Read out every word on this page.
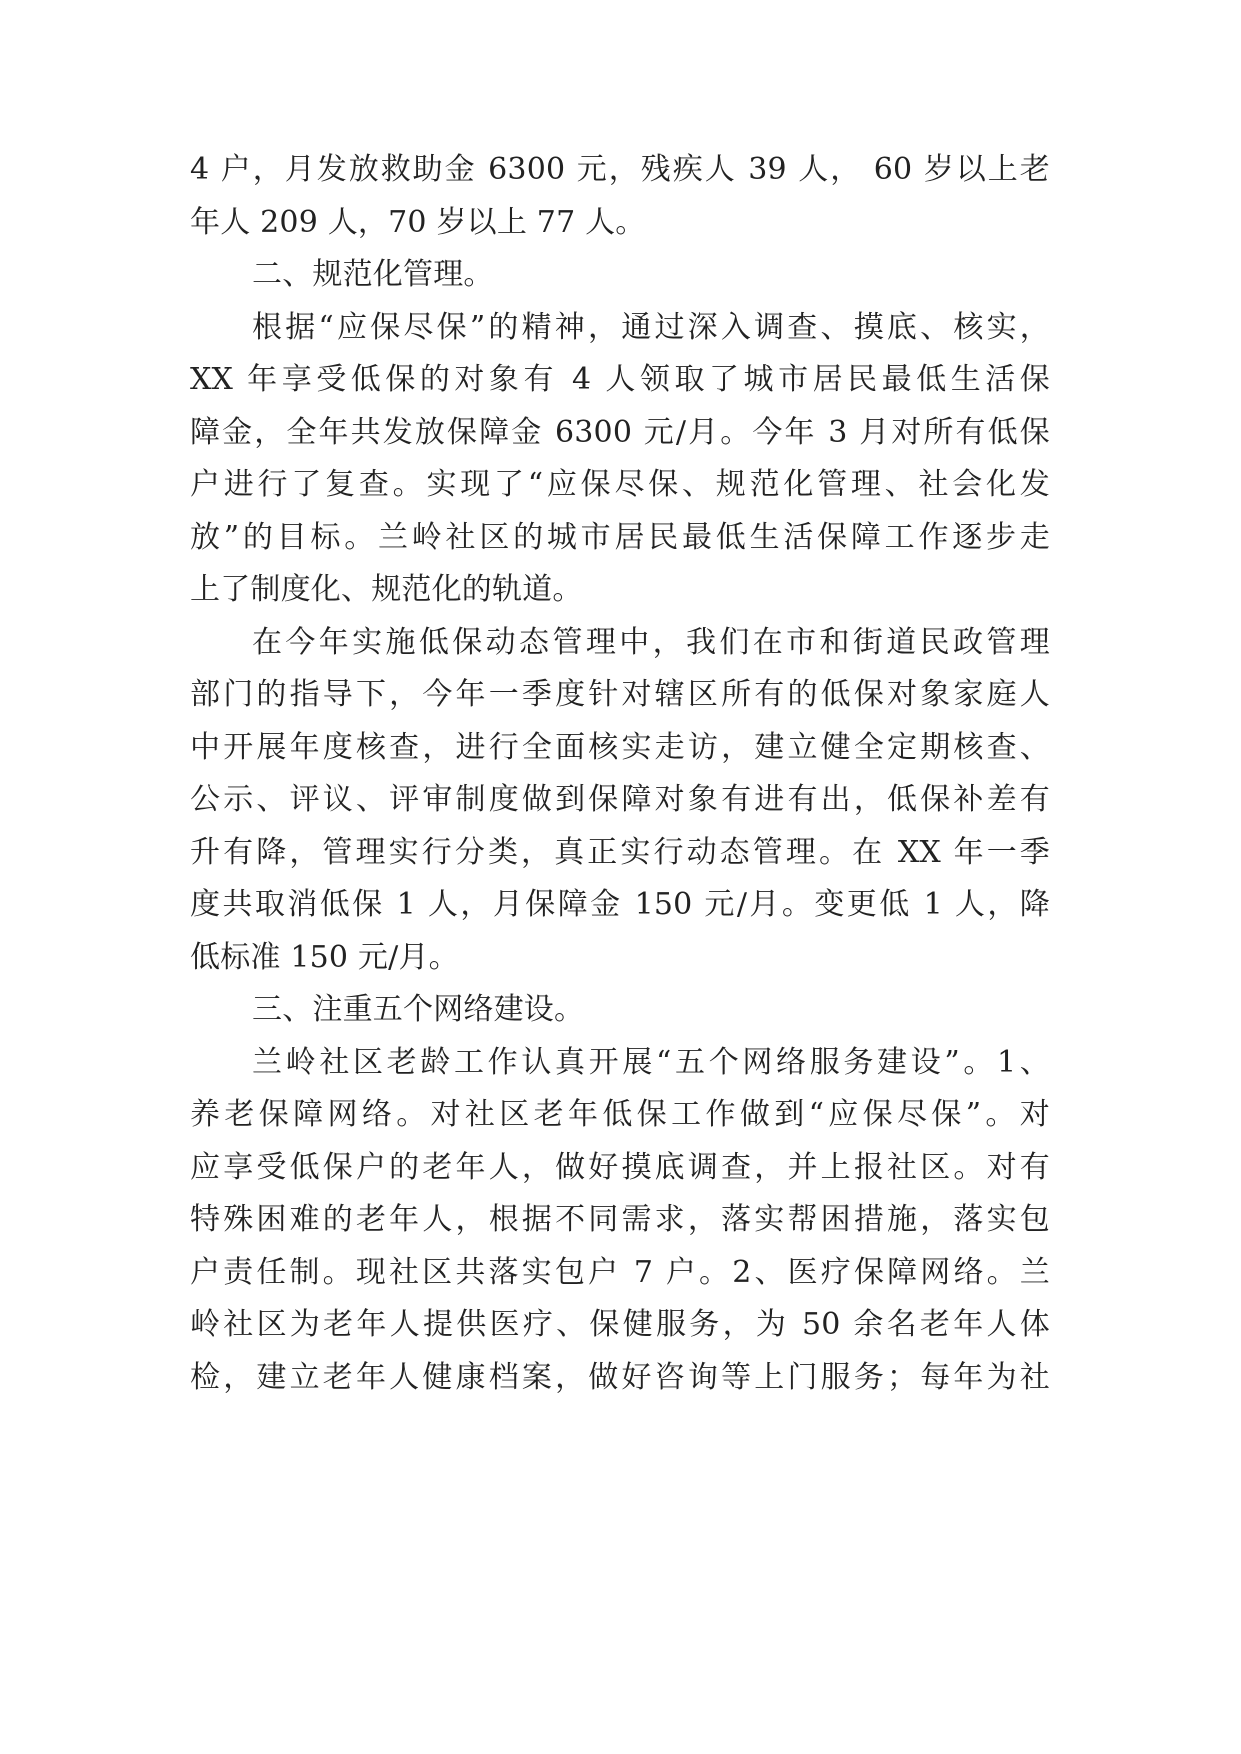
4 户，月发放救助金 6300 元，残疾人 39 人， 60 岁以上老
年人 209 人，70 岁以上 77 人。
二、规范化管理。
根据“应保尽保”的精神，通过深入调查、摸底、核实，
XX 年享受低保的对象有 4 人领取了城市居民最低生活保
障金，全年共发放保障金 6300 元/月。今年 3 月对所有低保
户进行了复查。实现了“应保尽保、规范化管理、社会化发
放”的目标。兰岭社区的城市居民最低生活保障工作逐步走
上了制度化、规范化的轨道。
在今年实施低保动态管理中，我们在市和街道民政管理
部门的指导下，今年一季度针对辖区所有的低保对象家庭人
中开展年度核查，进行全面核实走访，建立健全定期核查、
公示、评议、评审制度做到保障对象有进有出，低保补差有
升有降，管理实行分类，真正实行动态管理。在 XX 年一季
度共取消低保 1 人，月保障金 150 元/月。变更低 1 人，降
低标准 150 元/月。
三、注重五个网络建设。
兰岭社区老龄工作认真开展“五个网络服务建设”。1、
养老保障网络。对社区老年低保工作做到“应保尽保”。对
应享受低保户的老年人，做好摸底调查，并上报社区。对有
特殊困难的老年人，根据不同需求，落实帮困措施，落实包
户责任制。现社区共落实包户 7 户。2、医疗保障网络。兰
岭社区为老年人提供医疗、保健服务，为 50 余名老年人体
检，建立老年人健康档案，做好咨询等上门服务；每年为社
